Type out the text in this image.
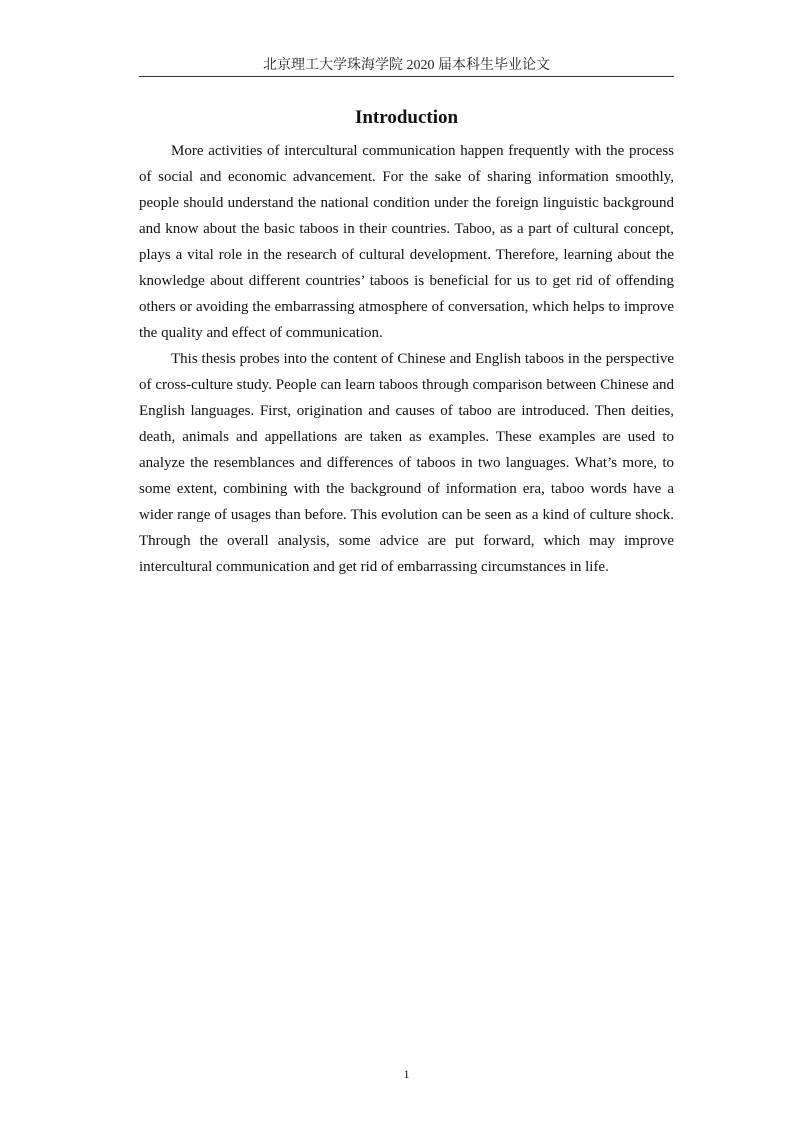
北京理工大学珠海学院 2020 届本科生毕业论文
Introduction

More activities of intercultural communication happen frequently with the process of social and economic advancement. For the sake of sharing information smoothly, people should understand the national condition under the foreign linguistic background and know about the basic taboos in their countries. Taboo, as a part of cultural concept, plays a vital role in the research of cultural development. Therefore, learning about the knowledge about different countries’ taboos is beneficial for us to get rid of offending others or avoiding the embarrassing atmosphere of conversation, which helps to improve the quality and effect of communication.

This thesis probes into the content of Chinese and English taboos in the perspective of cross-culture study. People can learn taboos through comparison between Chinese and English languages. First, origination and causes of taboo are introduced. Then deities, death, animals and appellations are taken as examples. These examples are used to analyze the resemblances and differences of taboos in two languages. What’s more, to some extent, combining with the background of information era, taboo words have a wider range of usages than before. This evolution can be seen as a kind of culture shock. Through the overall analysis, some advice are put forward, which may improve intercultural communication and get rid of embarrassing circumstances in life.

1
